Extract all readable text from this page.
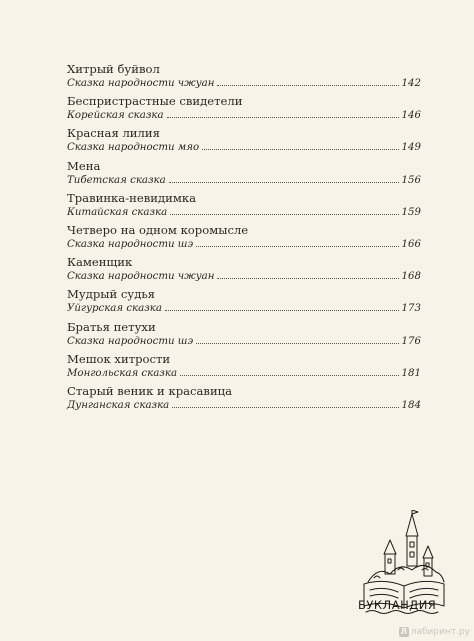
Хитрый буйвол
Сказка народности чжуан	142
Беспристрастные свидетели
Корейская сказка	146
Красная лилия
Сказка народности мяо	149
Мена
Тибетская сказка	156
Травинка-невидимка
Китайская сказка	159
Четверо на одном коромысле
Сказка народности шэ	166
Каменщик
Сказка народности чжуан	168
Мудрый судья
Уйгурская сказка	173
Братья петухи
Сказка народности шэ	176
Мешок хитрости
Монгольская сказка	181
Старый веник и красавица
Дунганская сказка	184
БУКЛАНДИЯ
Л лабиринт.ру
